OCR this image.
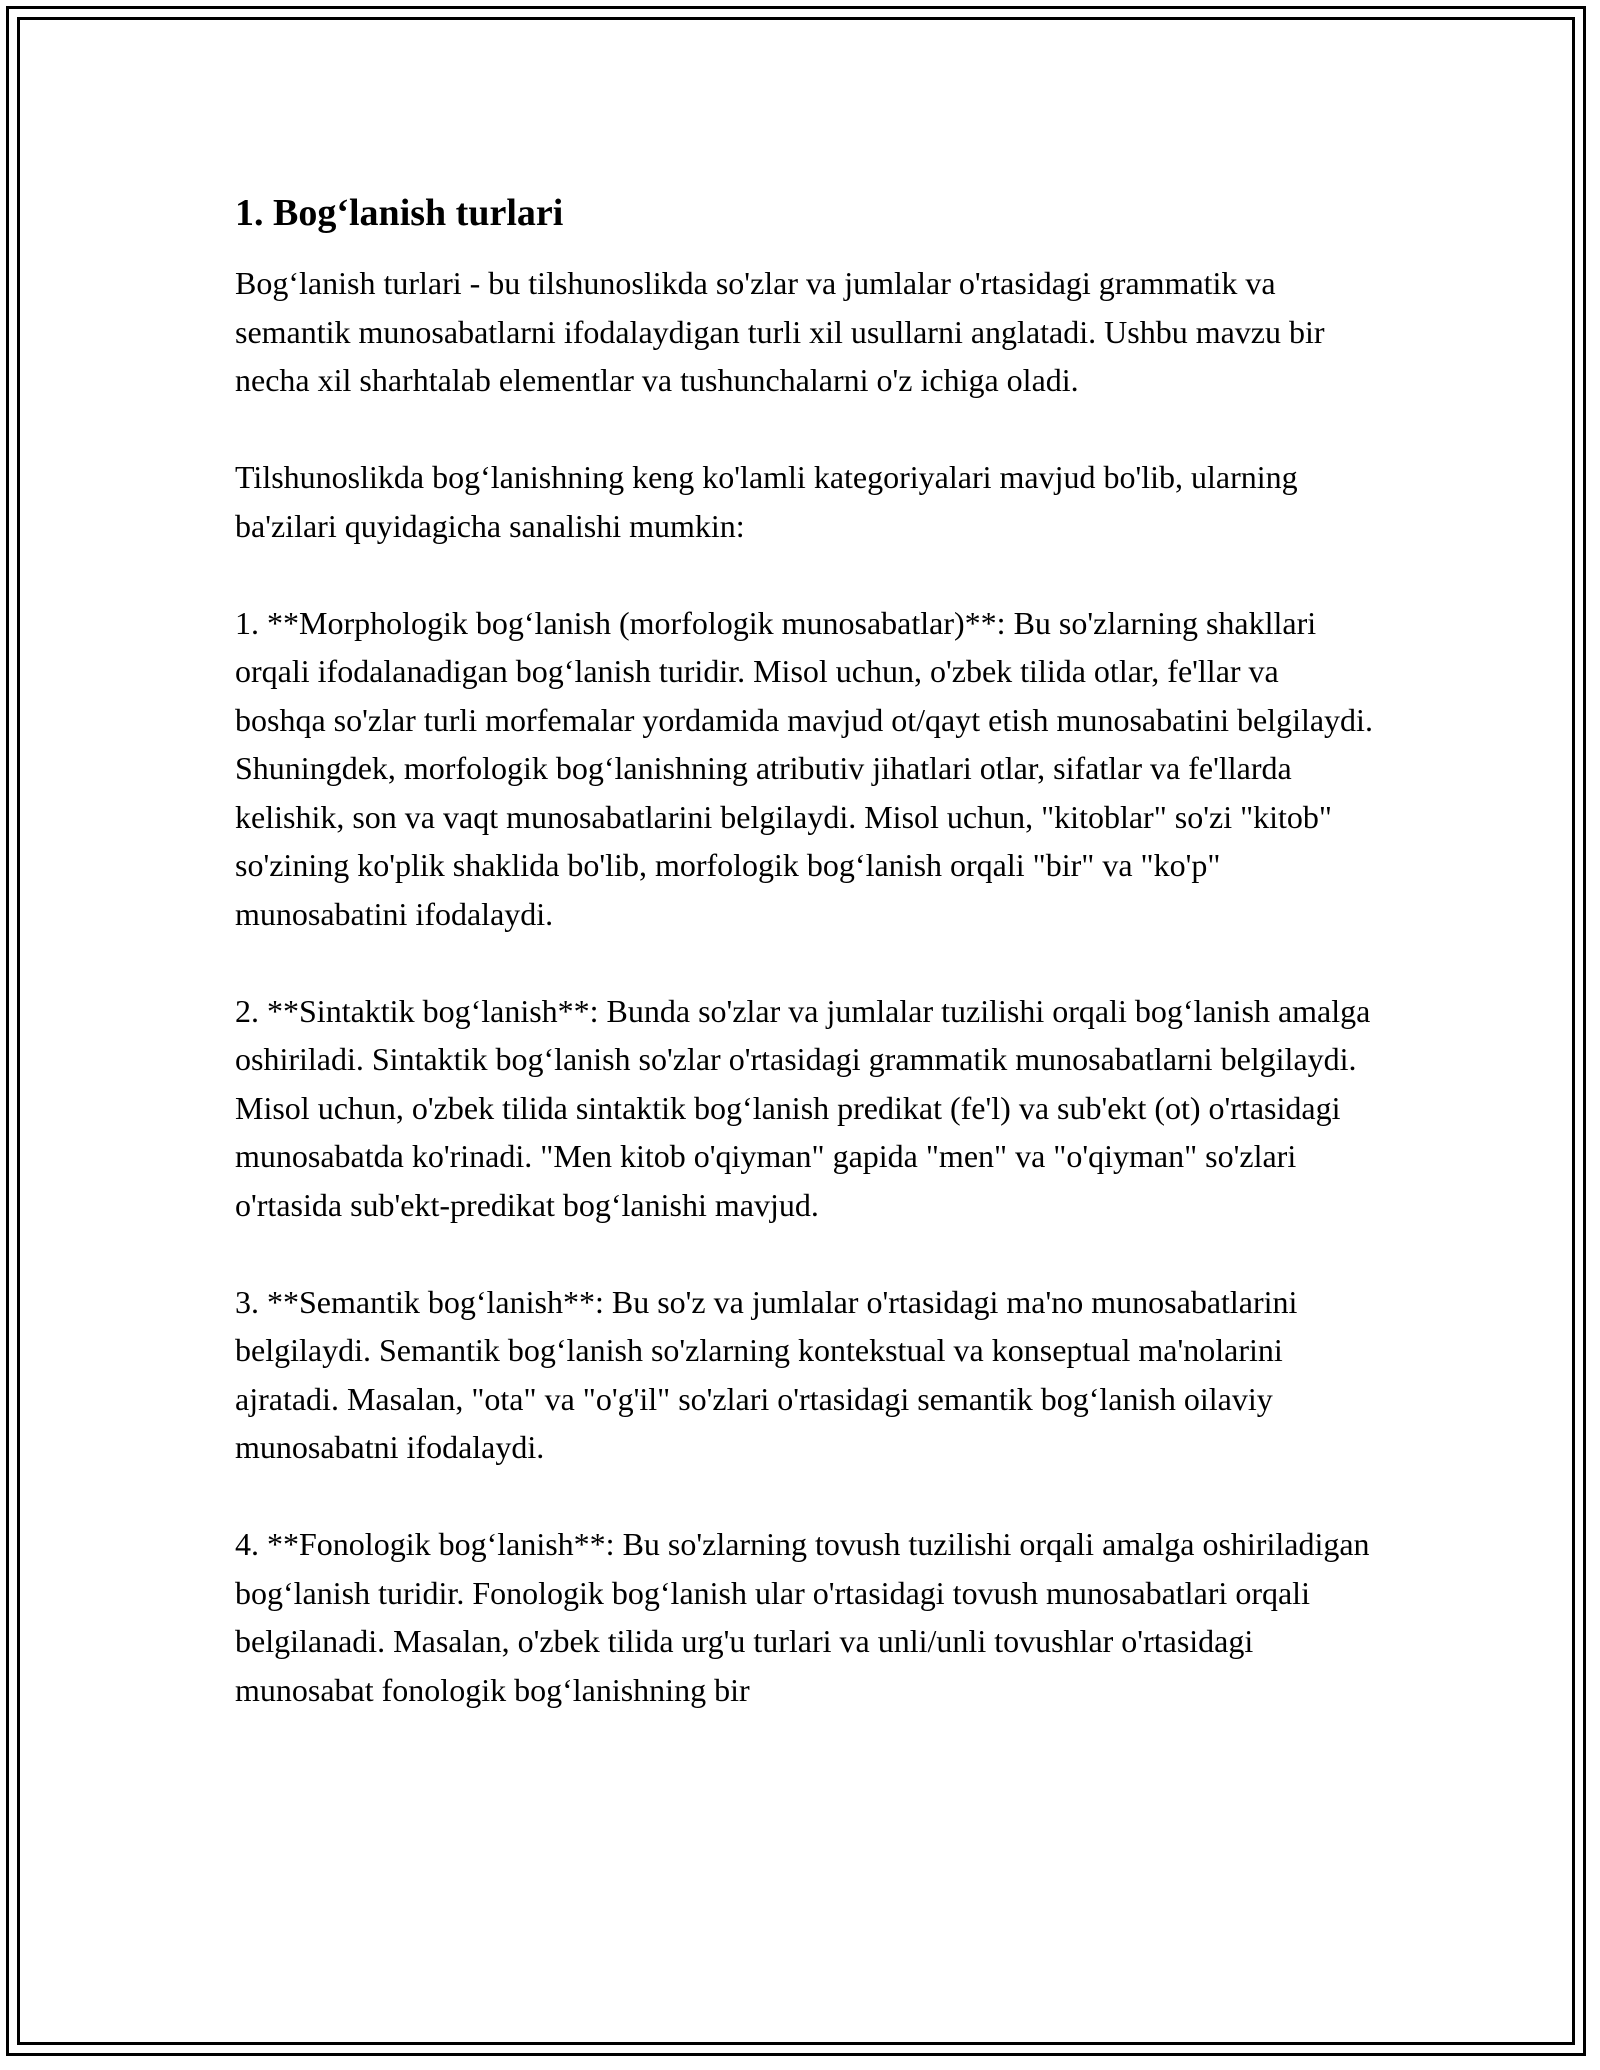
1. Bog‘lanish turlari

Bog‘lanish turlari - bu tilshunoslikda so'zlar va jumlalar o'rtasidagi grammatik va semantik munosabatlarni ifodalaydigan turli xil usullarni anglatadi. Ushbu mavzu bir necha xil sharhtalab elementlar va tushunchalarni o'z ichiga oladi.

Tilshunoslikda bog‘lanishning keng ko'lamli kategoriyalari mavjud bo'lib, ularning ba'zilari quyidagicha sanalishi mumkin:

1. **Morphologik bog‘lanish (morfologik munosabatlar)**: Bu so'zlarning shakllari orqali ifodalanadigan bog‘lanish turidir. Misol uchun, o'zbek tilida otlar, fe'llar va boshqa so'zlar turli morfemalar yordamida mavjud ot/qayt etish munosabatini belgilaydi. Shuningdek, morfologik bog‘lanishning atributiv jihatlari otlar, sifatlar va fe'llarda kelishik, son va vaqt munosabatlarini belgilaydi. Misol uchun, "kitoblar" so'zi "kitob" so'zining ko'plik shaklida bo'lib, morfologik bog‘lanish orqali "bir" va "ko'p" munosabatini ifodalaydi.

2. **Sintaktik bog‘lanish**: Bunda so'zlar va jumlalar tuzilishi orqali bog‘lanish amalga oshiriladi. Sintaktik bog‘lanish so'zlar o'rtasidagi grammatik munosabatlarni belgilaydi. Misol uchun, o'zbek tilida sintaktik bog‘lanish predikat (fe'l) va sub'ekt (ot) o'rtasidagi munosabatda ko'rinadi. "Men kitob o'qiyman" gapida "men" va "o'qiyman" so'zlari o'rtasida sub'ekt-predikat bog‘lanishi mavjud.

3. **Semantik bog‘lanish**: Bu so'z va jumlalar o'rtasidagi ma'no munosabatlarini belgilaydi. Semantik bog‘lanish so'zlarning kontekstual va konseptual ma'nolarini ajratadi. Masalan, "ota" va "o'g'il" so'zlari o'rtasidagi semantik bog‘lanish oilaviy munosabatni ifodalaydi.

4. **Fonologik bog‘lanish**: Bu so'zlarning tovush tuzilishi orqali amalga oshiriladigan bog‘lanish turidir. Fonologik bog‘lanish ular o'rtasidagi tovush munosabatlari orqali belgilanadi. Masalan, o'zbek tilida urg'u turlari va unli/unli tovushlar o'rtasidagi munosabat fonologik bog‘lanishning bir
